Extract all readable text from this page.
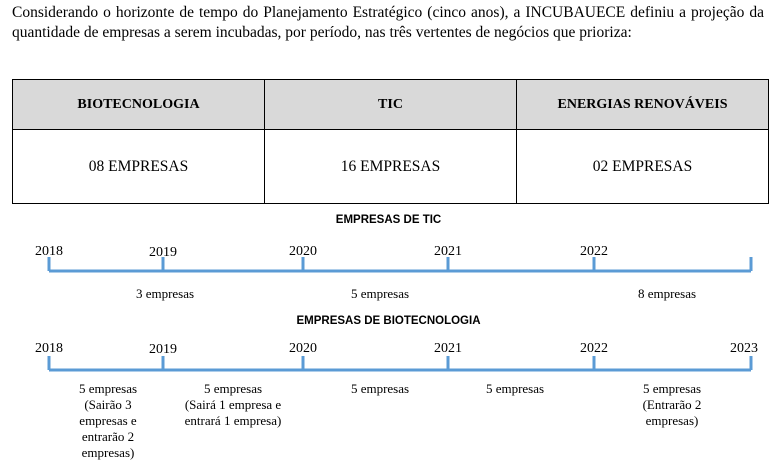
Considerando o horizonte de tempo do Planejamento Estratégico (cinco anos), a INCUBAUECE definiu a projeção da quantidade de empresas a serem incubadas, por período, nas três vertentes de negócios que prioriza:

BIOTECNOLOGIA	TIC	ENERGIAS RENOVÁVEIS
08 EMPRESAS	16 EMPRESAS	02 EMPRESAS
EMPRESAS DE TIC
2018	2019	2020	2021	2022
3 empresas	5 empresas	8 empresas
EMPRESAS DE BIOTECNOLOGIA
2018	2019	2020	2021	2022	2023
5 empresas
(Sairão 3 empresas e entrarão 2 empresas)
5 empresas
(Sairá 1 empresa e entrará 1 empresa)
5 empresas	5 empresas	5 empresas
(Entrarão 2 empresas)
